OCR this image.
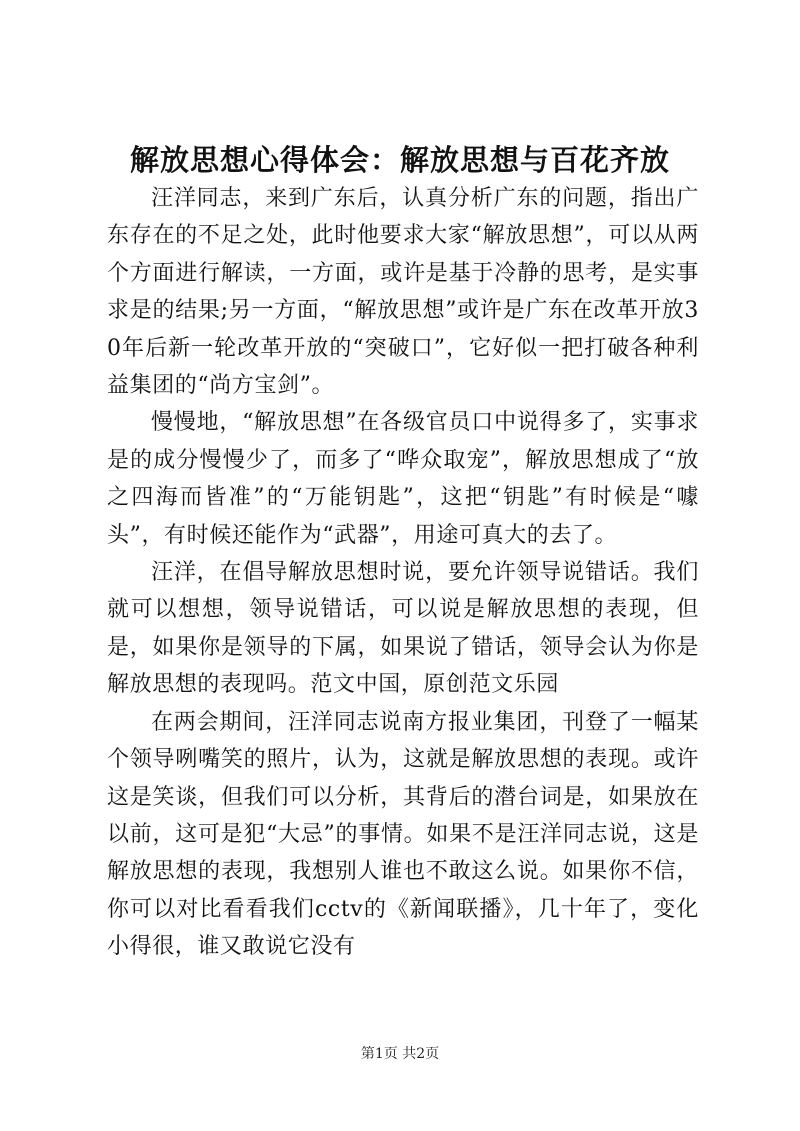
解放思想心得体会：解放思想与百花齐放

汪洋同志，来到广东后，认真分析广东的问题，指出广东存在的不足之处，此时他要求大家“解放思想”，可以从两个方面进行解读，一方面，或许是基于冷静的思考，是实事求是的结果;另一方面，“解放思想”或许是广东在改革开放30年后新一轮改革开放的“突破口”，它好似一把打破各种利益集团的“尚方宝剑”。

慢慢地，“解放思想”在各级官员口中说得多了，实事求是的成分慢慢少了，而多了“哗众取宠”，解放思想成了“放之四海而皆准”的“万能钥匙”，这把“钥匙”有时候是“噱头”，有时候还能作为“武器”，用途可真大的去了。

汪洋，在倡导解放思想时说，要允许领导说错话。我们就可以想想，领导说错话，可以说是解放思想的表现，但是，如果你是领导的下属，如果说了错话，领导会认为你是解放思想的表现吗。范文中国，原创范文乐园

在两会期间，汪洋同志说南方报业集团，刊登了一幅某个领导咧嘴笑的照片，认为，这就是解放思想的表现。或许这是笑谈，但我们可以分析，其背后的潜台词是，如果放在以前，这可是犯“大忌”的事情。如果不是汪洋同志说，这是解放思想的表现，我想别人谁也不敢这么说。如果你不信，你可以对比看看我们cctv的《新闻联播》，几十年了，变化小得很，谁又敢说它没有

第1页 共2页
